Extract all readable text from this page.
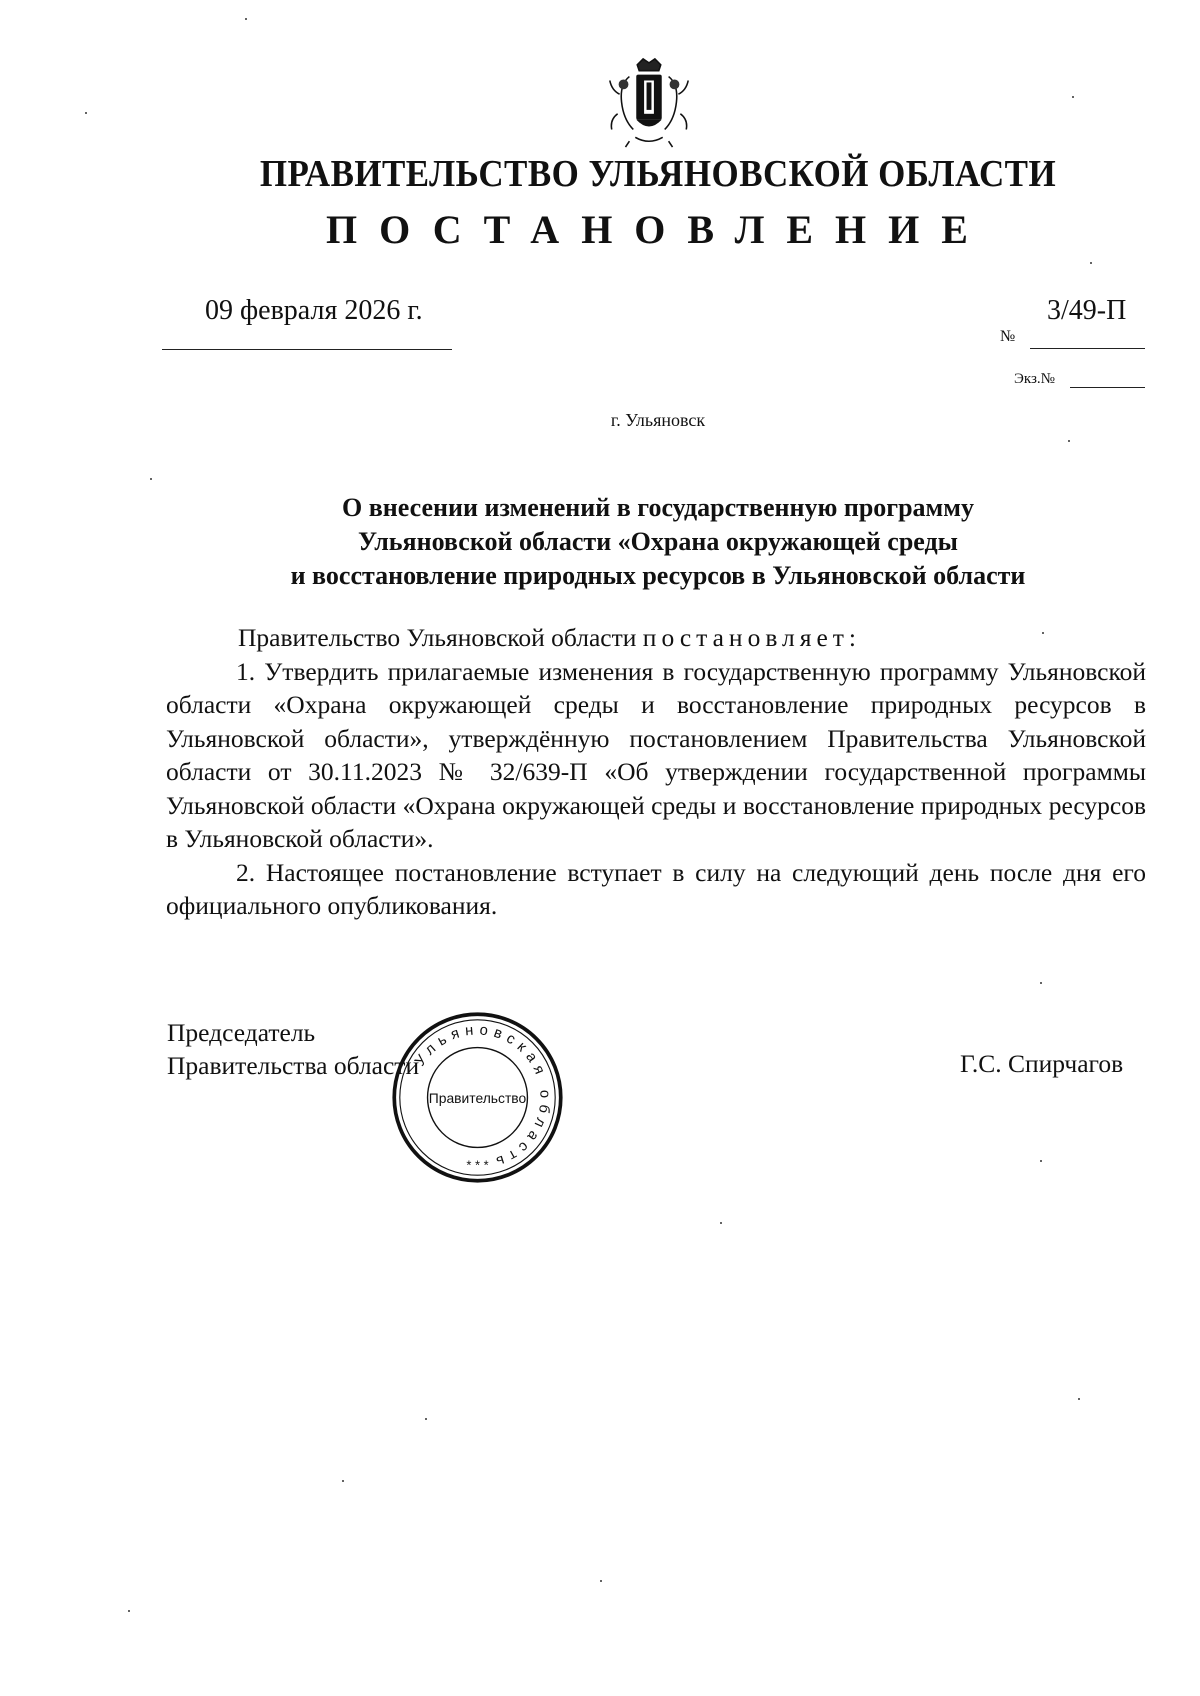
ПРАВИТЕЛЬСТВО УЛЬЯНОВСКОЙ ОБЛАСТИ
ПОСТАНОВЛЕНИЕ
09 февраля 2026 г.	3/49-П
№
Экз.№
г. Ульяновск
О внесении изменений в государственную программу
Ульяновской области «Охрана окружающей среды
и восстановление природных ресурсов в Ульяновской области

Правительство Ульяновской области постановляет:

1. Утвердить прилагаемые изменения в государственную программу Ульяновской области «Охрана окружающей среды и восстановление природных ресурсов в Ульяновской области», утверждённую постановлением Правительства Ульяновской области от 30.11.2023 № 32/639-П «Об утверждении государственной программы Ульяновской области «Охрана окружающей среды и восстановление природных ресурсов в Ульяновской области».

2. Настоящее постановление вступает в силу на следующий день после дня его официального опубликования.

Председатель
Правительства области	Г.С. Спирчагов
Ульяновская область
Правительство
* * *
